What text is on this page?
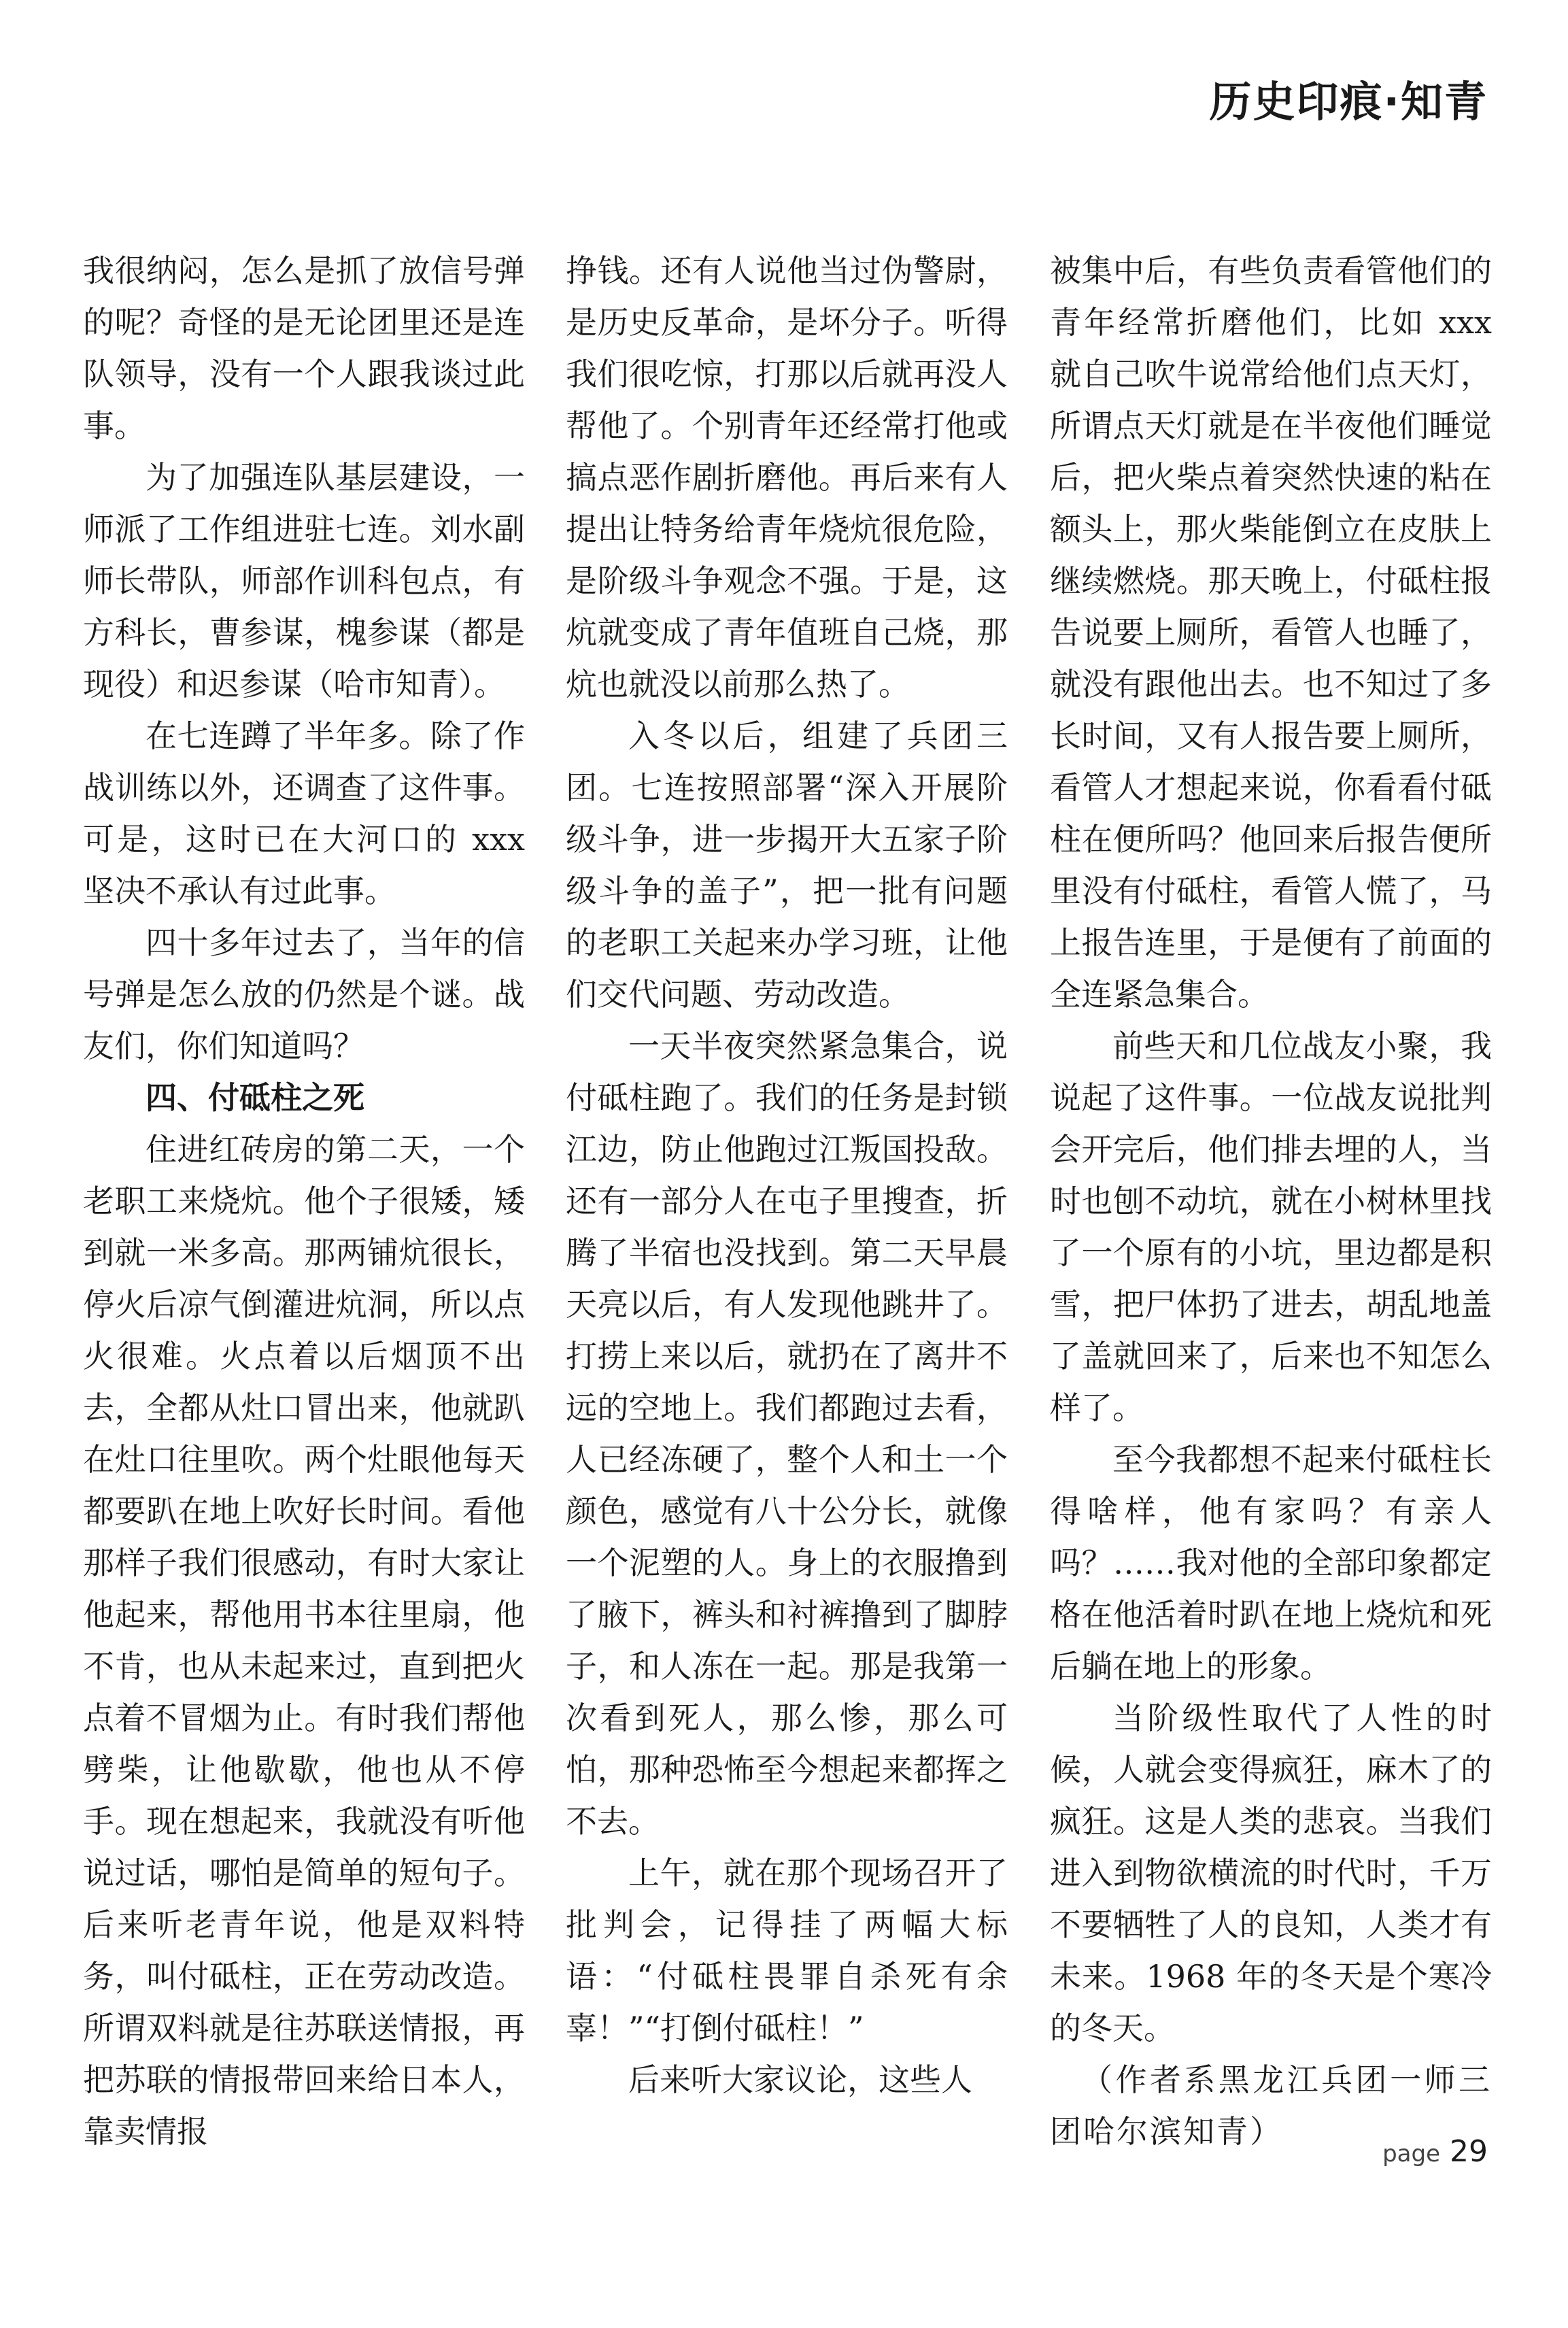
历史印痕·知青

我很纳闷，怎么是抓了放信号弹的呢？奇怪的是无论团里还是连队领导，没有一个人跟我谈过此事。

为了加强连队基层建设，一师派了工作组进驻七连。刘水副师长带队，师部作训科包点，有方科长，曹参谋，槐参谋（都是现役）和迟参谋（哈市知青）。

在七连蹲了半年多。除了作战训练以外，还调查了这件事。可是，这时已在大河口的 xxx 坚决不承认有过此事。

四十多年过去了，当年的信号弹是怎么放的仍然是个谜。战友们，你们知道吗？

四、付砥柱之死

住进红砖房的第二天，一个老职工来烧炕。他个子很矮，矮到就一米多高。那两铺炕很长，停火后凉气倒灌进炕洞，所以点火很难。火点着以后烟顶不出去，全都从灶口冒出来，他就趴在灶口往里吹。两个灶眼他每天都要趴在地上吹好长时间。看他那样子我们很感动，有时大家让他起来，帮他用书本往里扇，他不肯，也从未起来过，直到把火点着不冒烟为止。有时我们帮他劈柴，让他歇歇，他也从不停手。现在想起来，我就没有听他说过话，哪怕是简单的短句子。后来听老青年说，他是双料特务，叫付砥柱，正在劳动改造。所谓双料就是往苏联送情报，再把苏联的情报带回来给日本人，靠卖情报

挣钱。还有人说他当过伪警尉，是历史反革命，是坏分子。听得我们很吃惊，打那以后就再没人帮他了。个别青年还经常打他或搞点恶作剧折磨他。再后来有人提出让特务给青年烧炕很危险，是阶级斗争观念不强。于是，这炕就变成了青年值班自己烧，那炕也就没以前那么热了。

入冬以后，组建了兵团三团。七连按照部署“深入开展阶级斗争，进一步揭开大五家子阶级斗争的盖子”，把一批有问题的老职工关起来办学习班，让他们交代问题、劳动改造。

一天半夜突然紧急集合，说付砥柱跑了。我们的任务是封锁江边，防止他跑过江叛国投敌。还有一部分人在屯子里搜查，折腾了半宿也没找到。第二天早晨天亮以后，有人发现他跳井了。打捞上来以后，就扔在了离井不远的空地上。我们都跑过去看，人已经冻硬了，整个人和土一个颜色，感觉有八十公分长，就像一个泥塑的人。身上的衣服撸到了腋下，裤头和衬裤撸到了脚脖子，和人冻在一起。那是我第一次看到死人，那么惨，那么可怕，那种恐怖至今想起来都挥之不去。

上午，就在那个现场召开了批判会，记得挂了两幅大标语：“付砥柱畏罪自杀死有余辜！”“打倒付砥柱！”

后来听大家议论，这些人

被集中后，有些负责看管他们的青年经常折磨他们，比如 xxx 就自己吹牛说常给他们点天灯，所谓点天灯就是在半夜他们睡觉后，把火柴点着突然快速的粘在额头上，那火柴能倒立在皮肤上继续燃烧。那天晚上，付砥柱报告说要上厕所，看管人也睡了，就没有跟他出去。也不知过了多长时间，又有人报告要上厕所，看管人才想起来说，你看看付砥柱在便所吗？他回来后报告便所里没有付砥柱，看管人慌了，马上报告连里，于是便有了前面的全连紧急集合。

前些天和几位战友小聚，我说起了这件事。一位战友说批判会开完后，他们排去埋的人，当时也刨不动坑，就在小树林里找了一个原有的小坑，里边都是积雪，把尸体扔了进去，胡乱地盖了盖就回来了，后来也不知怎么样了。

至今我都想不起来付砥柱长得啥样，他有家吗？有亲人吗？……我对他的全部印象都定格在他活着时趴在地上烧炕和死后躺在地上的形象。

当阶级性取代了人性的时候，人就会变得疯狂，麻木了的疯狂。这是人类的悲哀。当我们进入到物欲横流的时代时，千万不要牺牲了人的良知，人类才有未来。1968 年的冬天是个寒冷的冬天。

（作者系黑龙江兵团一师三团哈尔滨知青）

page 29
